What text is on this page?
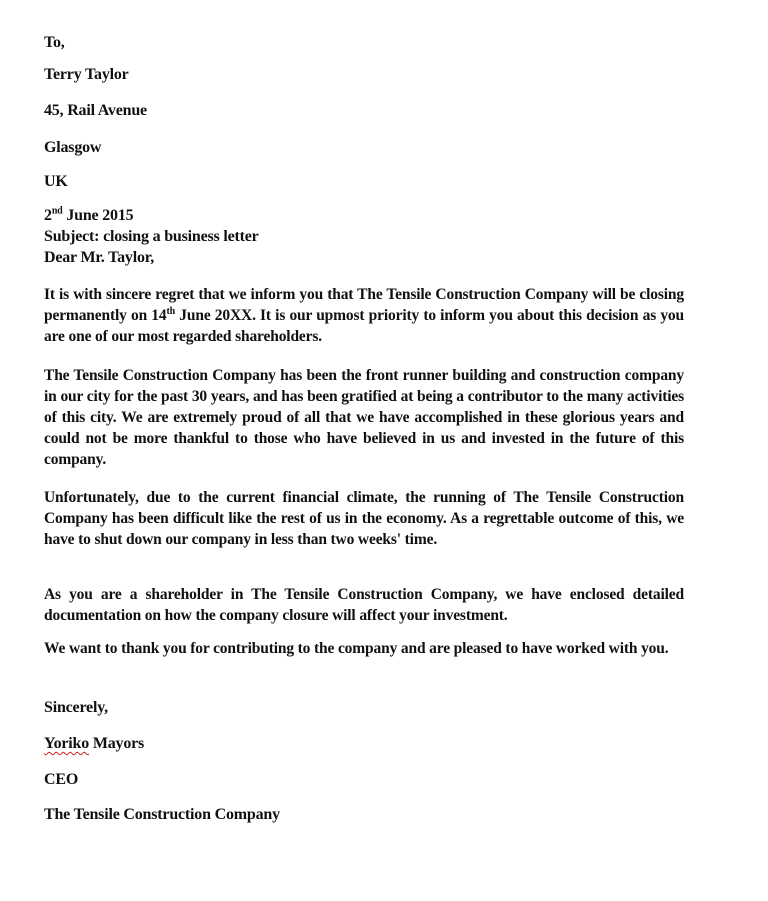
To,
Terry Taylor
45, Rail Avenue
Glasgow
UK
2nd June 2015
Subject: closing a business letter
Dear Mr. Taylor,

It is with sincere regret that we inform you that The Tensile Construction Company will be closing permanently on 14th June 20XX. It is our upmost priority to inform you about this decision as you are one of our most regarded shareholders.

The Tensile Construction Company has been the front runner building and construction company in our city for the past 30 years, and has been gratified at being a contributor to the many activities of this city. We are extremely proud of all that we have accomplished in these glorious years and could not be more thankful to those who have believed in us and invested in the future of this company.

Unfortunately, due to the current financial climate, the running of The Tensile Construction Company has been difficult like the rest of us in the economy. As a regrettable outcome of this, we have to shut down our company in less than two weeks' time.

As you are a shareholder in The Tensile Construction Company, we have enclosed detailed documentation on how the company closure will affect your investment.

We want to thank you for contributing to the company and are pleased to have worked with you.

Sincerely,
Yoriko Mayors
CEO
The Tensile Construction Company
